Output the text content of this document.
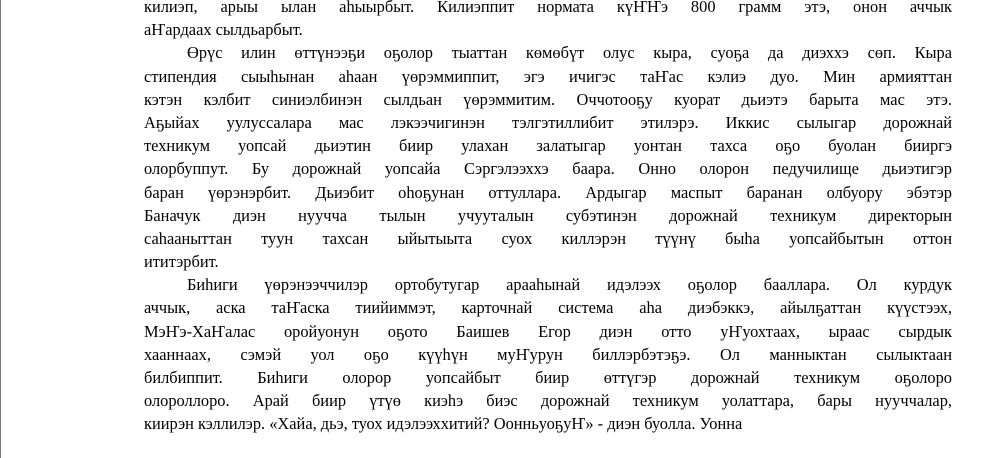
килиэп, арыы ылан аһыырбыт. Килиэппит нормата күҤҤэ 800 грамм этэ, онон аччык
аҤардаах сылдьарбыт.

Өрүс илин өттүнээҕи оҕолор тыаттан көмөбүт олус кыра, суоҕа да диэххэ сөп. Кыра
стипендия сыыһынан аһаан үөрэммиппит, эгэ ичигэс таҤас кэлиэ дуо. Мин армияттан
кэтэн кэлбит синиэлбинэн сылдьан үөрэммитим. Оччотооҕу куорат дьиэтэ барыта мас этэ.
Аҕыйах уулуссалара мас лэкээчигинэн тэлгэтиллибит этилэрэ. Иккис сылыгар дорожнай
техникум уопсай дьиэтин биир улахан залатыгар уонтан тахса оҕо буолан бииргэ
олорбуппут. Бу дорожнай уопсайа Сэргэлээххэ баара. Онно олорон педучилище дьиэтигэр
баран үөрэнэрбит. Дьиэбит оһоҕунан оттуллара. Ардыгар маспыт баранан олбуору эбэтэр
Баначук диэн нуучча тылын учууталын субэтинэн дорожнай техникум директорын
саһааныттан туун тахсан ыйытыыта суох киллэрэн түүнү быһа уопсайбытын оттон
ититэрбит.

Биһиги үөрэнээччилэр ортобутугар арааһынай идэлээх оҕолор баалларa. Ол курдук
аччык, аска таҤаска тиийиммэт, карточнай система аһа диэбэккэ, айылҕаттан күүстээх,
МэҤэ-ХаҤалас оройуонун оҕото Баишев Егор диэн отто уҤуохтаах, ыраас сырдык
хааннаах, сэмэй уол оҕо күүһүн муҤурун биллэрбэтэҕэ. Ол манныктан сылыктаан
билбиппит. Биһиги олорор уопсайбыт биир өттүгэр дорожнай техникум оҕолоро
олороллоро. Арай биир үтүө киэһэ биэс дорожнай техникум уолаттара, бары нууччалар,
киирэн кэллилэр. «Хайа, дьэ, туох идэлээххитий? ОонньуоҕуҤ» - диэн буолла. Уонна
